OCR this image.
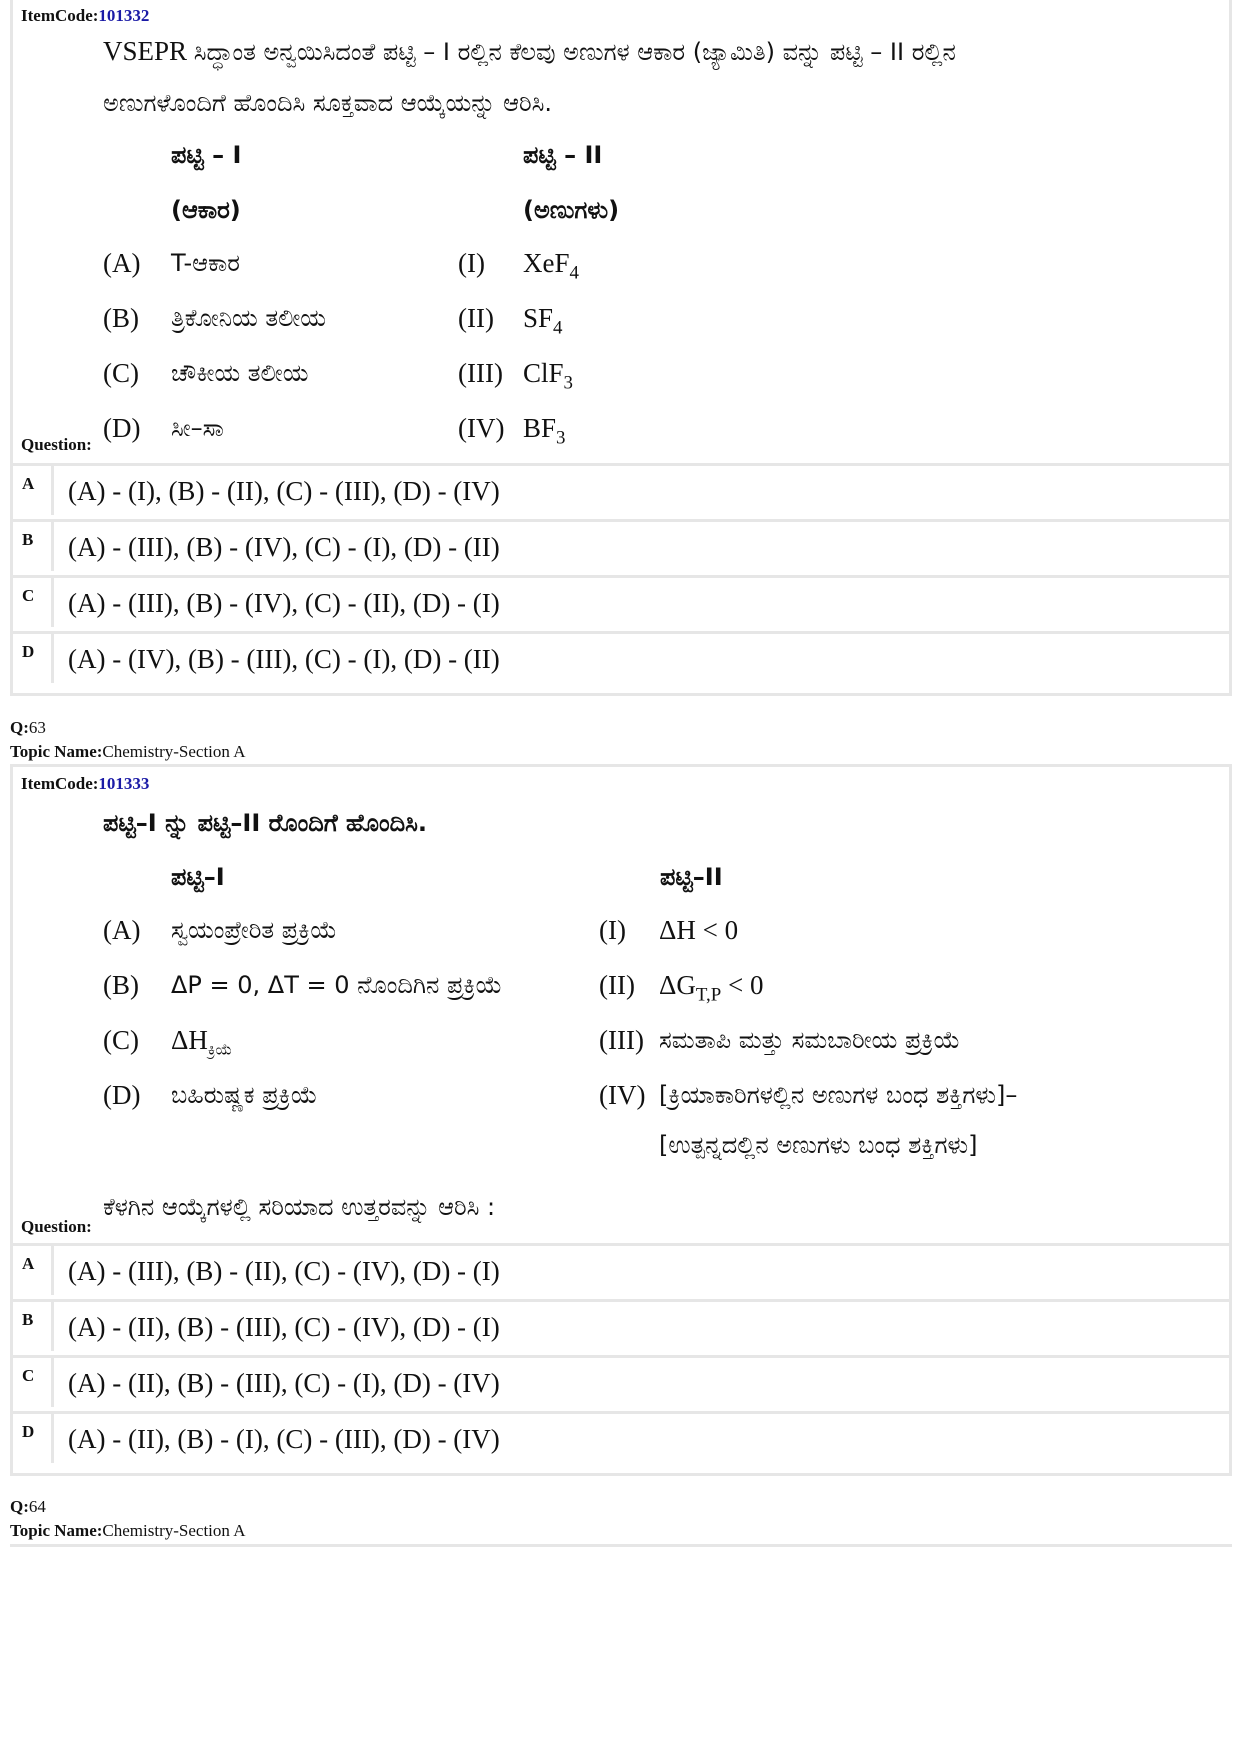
ItemCode:101332
VSEPR ಸಿದ್ಧಾಂತ ಅನ್ವಯಿಸಿದಂತೆ ಪಟ್ಟಿ – I ರಲ್ಲಿನ ಕೆಲವು ಅಣುಗಳ ಆಕಾರ (ಜ್ಯಾಮಿತಿ) ವನ್ನು ಪಟ್ಟಿ – II ರಲ್ಲಿನ
ಅಣುಗಳೊಂದಿಗೆ ಹೊಂದಿಸಿ ಸೂಕ್ತವಾದ ಆಯ್ಕೆಯನ್ನು ಆರಿಸಿ.
ಪಟ್ಟಿ – I	ಪಟ್ಟಿ – II
(ಆಕಾರ)	(ಅಣುಗಳು)
(A) T-ಆಕಾರ	(I) XeF$_4$
(B) ತ್ರಿಕೋನಿಯ ತಲೀಯ	(II) $SF_4$
(C) ಚೌಕೀಯ ತಲೀಯ	(III) ClF$_3$
(D) ಸೀ–ಸಾ	(IV) $BF_3$
Question:
A	(A) - (I), (B) - (II), (C) - (III), (D) - (IV)
B	(A) - (III), (B) - (IV), (C) - (I), (D) - (II)
C	(A) - (III), (B) - (IV), (C) - (II), (D) - (I)
D	(A) - (IV), (B) - (III), (C) - (I), (D) - (II)
Q:63
Topic Name:Chemistry-Section A
ItemCode:101333
ಪಟ್ಟಿ–I ನ್ನು ಪಟ್ಟಿ–II ರೊಂದಿಗೆ ಹೊಂದಿಸಿ.
ಪಟ್ಟಿ–I	ಪಟ್ಟಿ–II
(A) ಸ್ವಯಂಪ್ರೇರಿತ ಪ್ರಕ್ರಿಯೆ	(I) ΔH < 0
(B) ΔP = 0, ΔT = 0 ನೊಂದಿಗಿನ ಪ್ರಕ್ರಿಯೆ	(II) $\Delta G_{T,P} < 0$
(C) $\Delta H_{ಕ್ರಿಯೆ}$	(III) ಸಮತಾಪಿ ಮತ್ತು ಸಮಬಾರೀಯ ಪ್ರಕ್ರಿಯೆ
(D) ಬಹಿರುಷ್ಣಕ ಪ್ರಕ್ರಿಯೆ	(IV) [ಕ್ರಿಯಾಕಾರಿಗಳಲ್ಲಿನ ಅಣುಗಳ ಬಂಧ ಶಕ್ತಿಗಳು]–
[ಉತ್ಪನ್ನದಲ್ಲಿನ ಅಣುಗಳು ಬಂಧ ಶಕ್ತಿಗಳು]
ಕೆಳಗಿನ ಆಯ್ಕೆಗಳಲ್ಲಿ ಸರಿಯಾದ ಉತ್ತರವನ್ನು ಆರಿಸಿ :
Question:
A	(A) - (III), (B) - (II), (C) - (IV), (D) - (I)
B	(A) - (II), (B) - (III), (C) - (IV), (D) - (I)
C	(A) - (II), (B) - (III), (C) - (I), (D) - (IV)
D	(A) - (II), (B) - (I), (C) - (III), (D) - (IV)
Q:64
Topic Name:Chemistry-Section A
